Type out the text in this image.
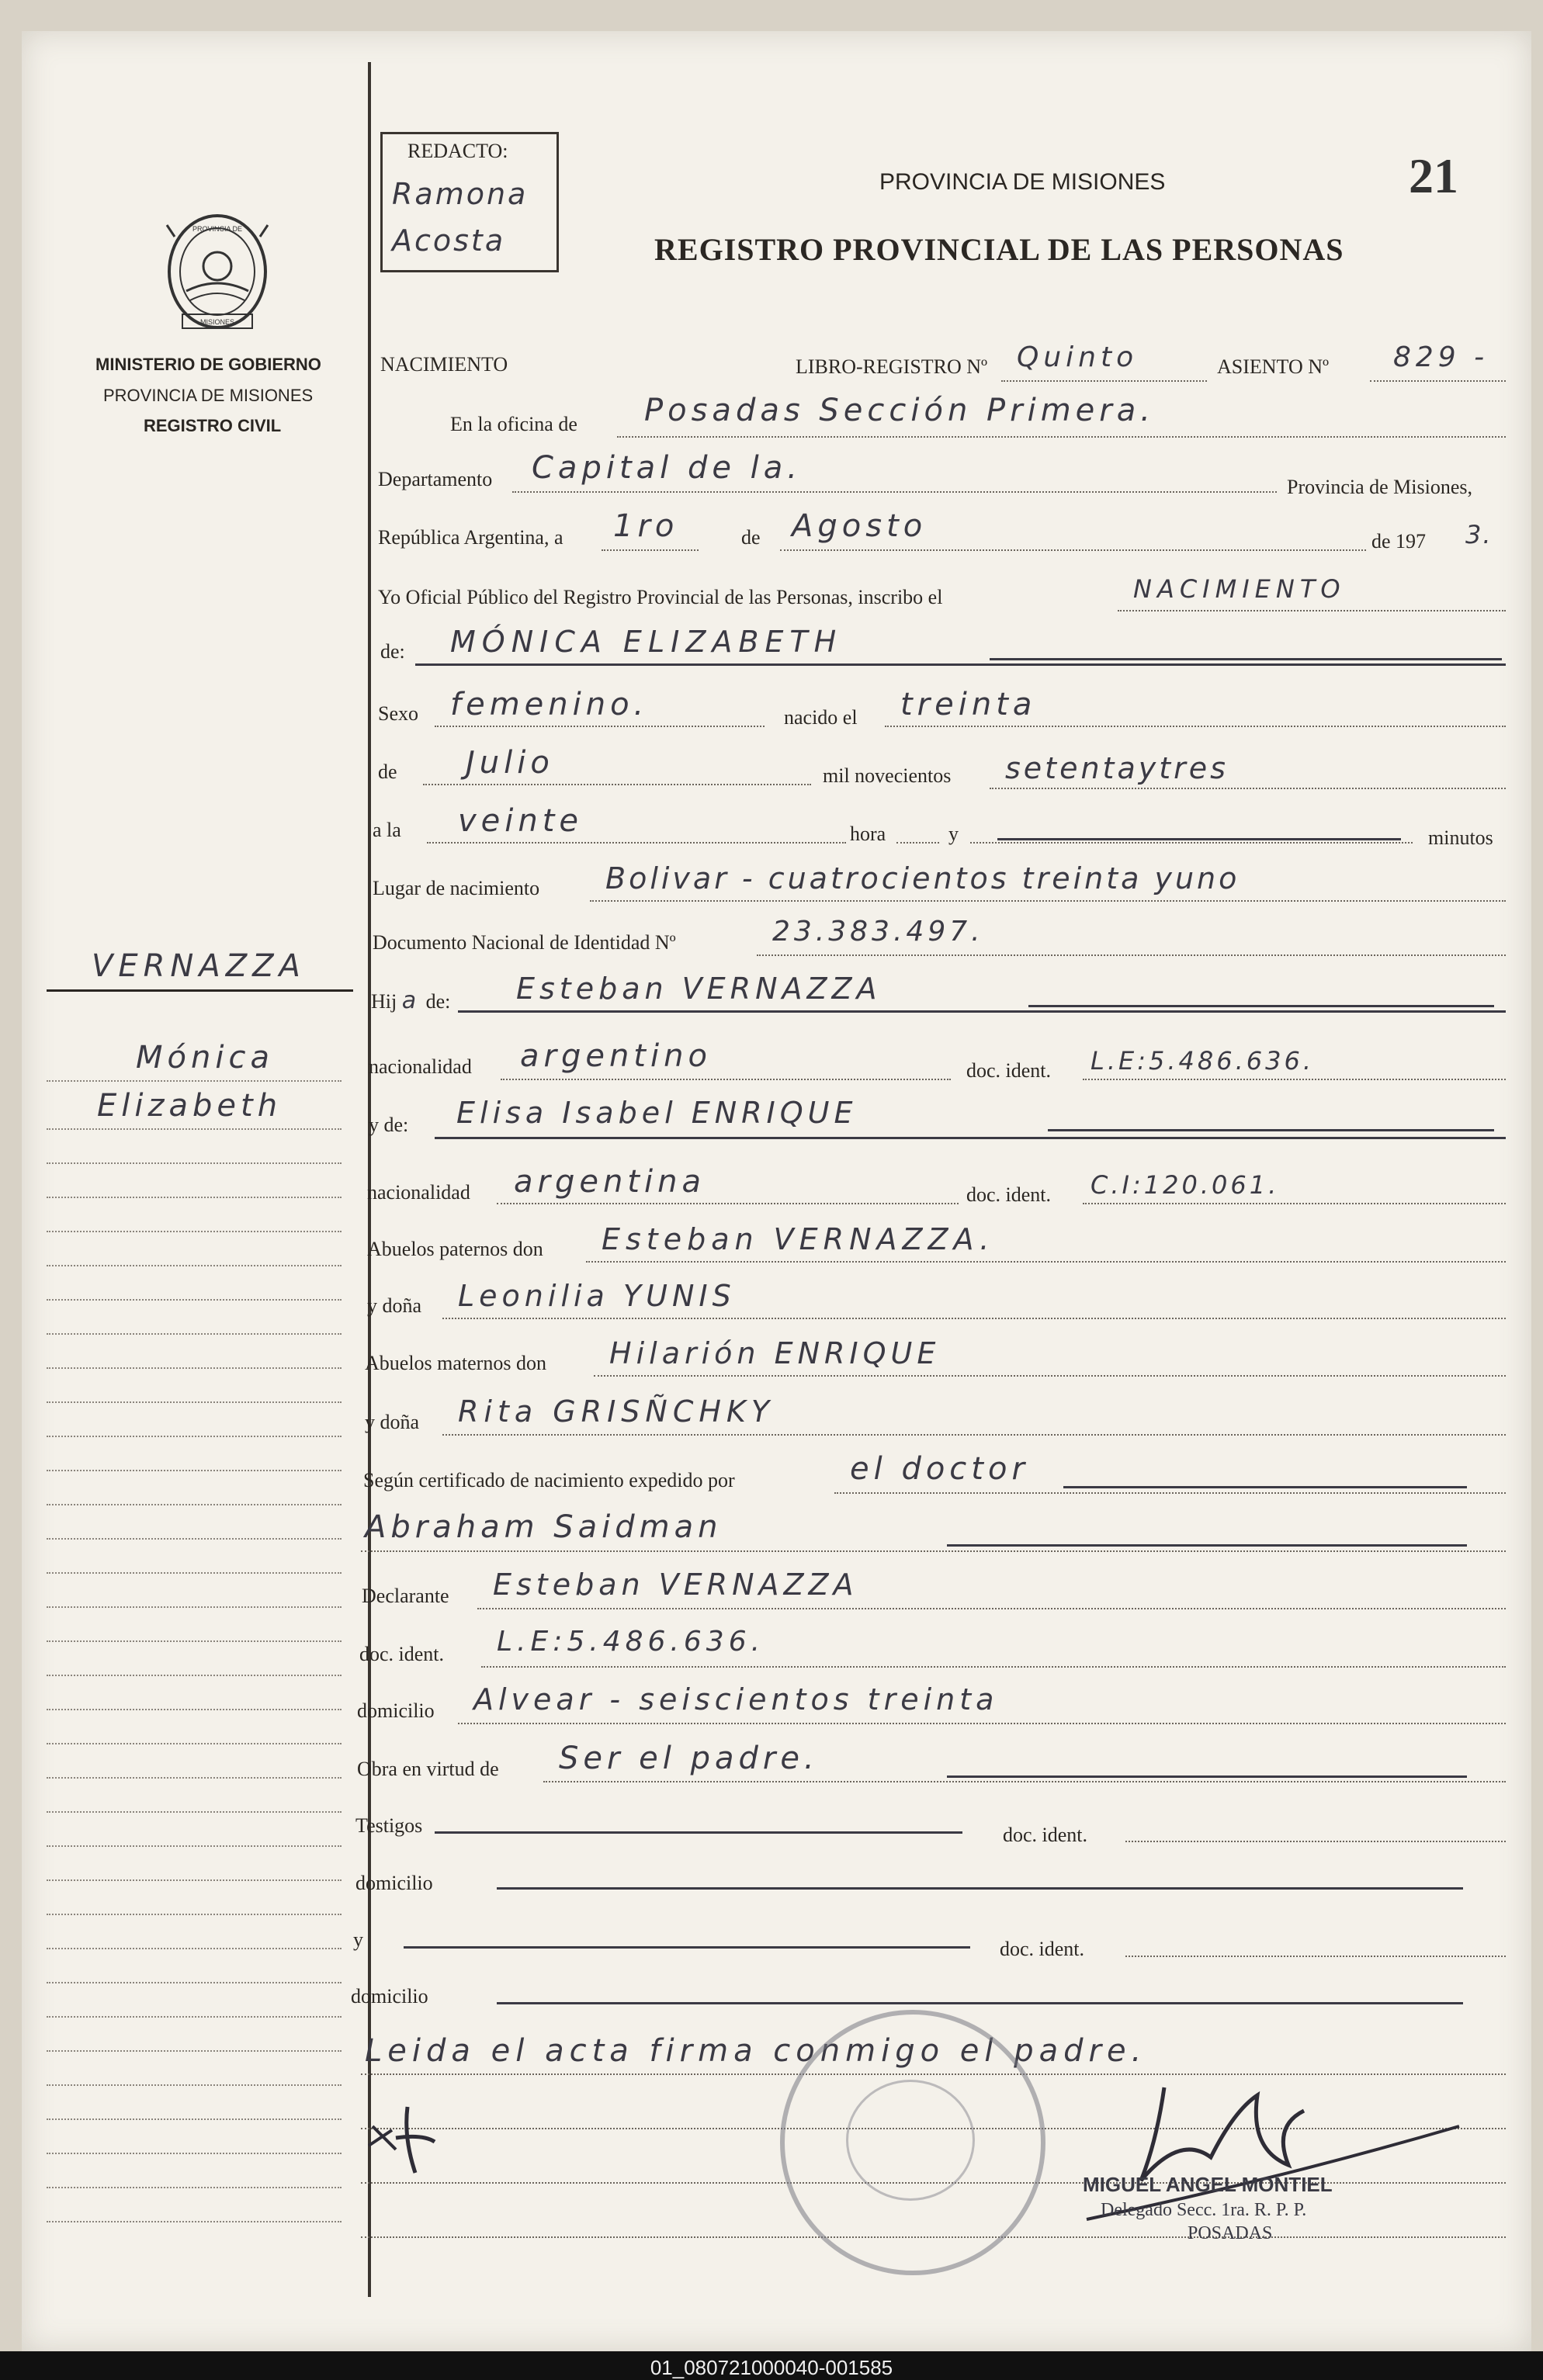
21
REDACTO:
Ramona
Acosta
PROVINCIA DE MISIONES
REGISTRO PROVINCIAL DE LAS PERSONAS
PROVINCIA DE
MISIONES
MINISTERIO DE GOBIERNO
PROVINCIA DE MISIONES
REGISTRO CIVIL
VERNAZZA
Mónica
Elizabeth
NACIMIENTO	LIBRO-REGISTRO Nº Quinto	ASIENTO Nº 829 -
En la oficina de Posadas Sección Primera.
Departamento Capital de la.
Provincia de Misiones,
República Argentina, a 1ro	de Agosto	de 197 3.
Yo Oficial Público del Registro Provincial de las Personas, inscribo el	NACIMIENTO
de: MÓNICA ELIZABETH
Sexo femenino.	nacido el treinta
de Julio	mil novecientos setentaytres
a la veinte	hora	y	minutos
Lugar de nacimiento Bolivar - cuatrocientos treinta yuno
Documento Nacional de Identidad Nº	23.383.497.
Hij a de: Esteban VERNAZZA
nacionalidad argentino	doc. ident. L.E:5.486.636.
y de: Elisa Isabel ENRIQUE
nacionalidad argentina	doc. ident. C.I:120.061.
Abuelos paternos don Esteban VERNAZZA.
y doña Leonilia YUNIS
Abuelos maternos don Hilarión ENRIQUE
y doña Rita GRISÑCHKY
Según certificado de nacimiento expedido por	el doctor
Abraham Saidman
Declarante Esteban VERNAZZA
doc. ident. L.E:5.486.636.
domicilio Alvear - seiscientos treinta
Obra en virtud de Ser el padre.
Testigos	doc. ident.
domicilio
y	doc. ident.
domicilio
Leida el acta firma conmigo el padre.
MIGUEL ANGEL MONTIEL
Delegado Secc. 1ra. R. P. P.
POSADAS
01_080721000040-001585
